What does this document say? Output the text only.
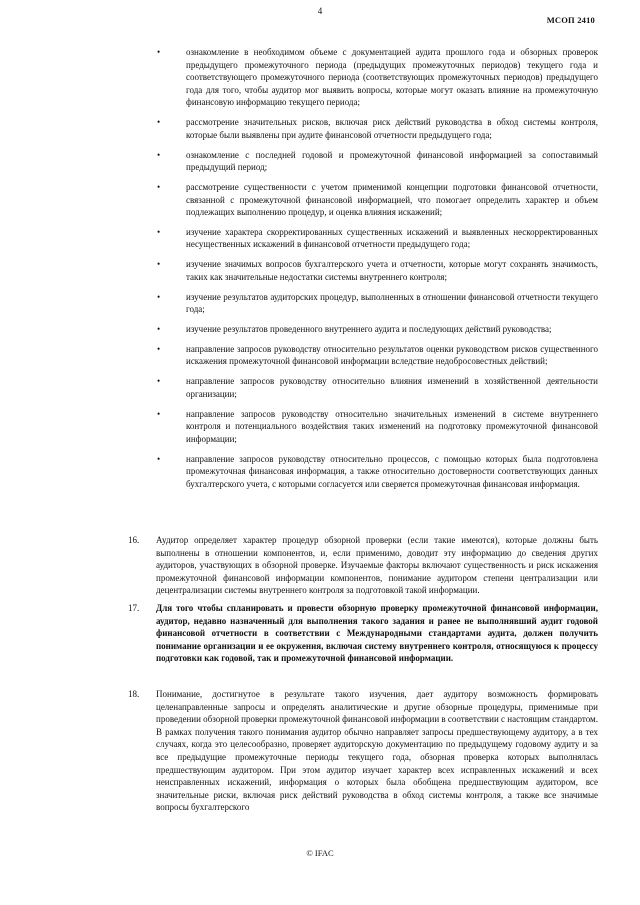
4
МСОП 2410
•	ознакомление в необходимом объеме с документацией аудита прошлого года и обзорных проверок предыдущего промежуточного периода (предыдущих промежуточных периодов) текущего года и соответствующего промежуточного периода (соответствующих промежуточных периодов) предыдущего года для того, чтобы аудитор мог выявить вопросы, которые могут оказать влияние на промежуточную финансовую информацию текущего периода;
•	рассмотрение значительных рисков, включая риск действий руководства в обход системы контроля, которые были выявлены при аудите финансовой отчетности предыдущего года;
•	ознакомление с последней годовой и промежуточной финансовой информацией за сопоставимый предыдущий период;
•	рассмотрение существенности с учетом применимой концепции подготовки финансовой отчетности, связанной с промежуточной финансовой информацией, что помогает определить характер и объем подлежащих выполнению процедур, и оценка влияния искажений;
•	изучение характера скорректированных существенных искажений и выявленных нескорректированных несущественных искажений в финансовой отчетности предыдущего года;
•	изучение значимых вопросов бухгалтерского учета и отчетности, которые могут сохранять значимость, таких как значительные недостатки системы внутреннего контроля;
•	изучение результатов аудиторских процедур, выполненных в отношении финансовой отчетности текущего года;
•	изучение результатов проведенного внутреннего аудита и последующих действий руководства;
•	направление запросов руководству относительно результатов оценки руководством рисков существенного искажения промежуточной финансовой информации вследствие недобросовестных действий;
•	направление запросов руководству относительно влияния изменений в хозяйственной деятельности организации;
•	направление запросов руководству относительно значительных изменений в системе внутреннего контроля и потенциального воздействия таких изменений на подготовку промежуточной финансовой информации;
•	направление запросов руководству относительно процессов, с помощью которых была подготовлена промежуточная финансовая информация, а также относительно достоверности соответствующих данных бухгалтерского учета, с которыми согласуется или сверяется промежуточная финансовая информация.
16. Аудитор определяет характер процедур обзорной проверки (если такие имеются), которые должны быть выполнены в отношении компонентов, и, если применимо, доводит эту информацию до сведения других аудиторов, участвующих в обзорной проверке. Изучаемые факторы включают существенность и риск искажения промежуточной финансовой информации компонентов, понимание аудитором степени централизации или децентрализации системы внутреннего контроля за подготовкой такой информации.
17. Для того чтобы спланировать и провести обзорную проверку промежуточной финансовой информации, аудитор, недавно назначенный для выполнения такого задания и ранее не выполнявший аудит годовой финансовой отчетности в соответствии с Международными стандартами аудита, должен получить понимание организации и ее окружения, включая систему внутреннего контроля, относящуюся к процессу подготовки как годовой, так и промежуточной финансовой информации.
18. Понимание, достигнутое в результате такого изучения, дает аудитору возможность формировать целенаправленные запросы и определять аналитические и другие обзорные процедуры, применимые при проведении обзорной проверки промежуточной финансовой информации в соответствии с настоящим стандартом. В рамках получения такого понимания аудитор обычно направляет запросы предшествующему аудитору, а в тех случаях, когда это целесообразно, проверяет аудиторскую документацию по предыдущему годовому аудиту и за все предыдущие промежуточные периоды текущего года, обзорная проверка которых выполнялась предшествующим аудитором. При этом аудитор изучает характер всех исправленных искажений и всех неисправленных искажений, информация о которых была обобщена предшествующим аудитором, все значительные риски, включая риск действий руководства в обход системы контроля, а также все значимые вопросы бухгалтерского
© IFAC
